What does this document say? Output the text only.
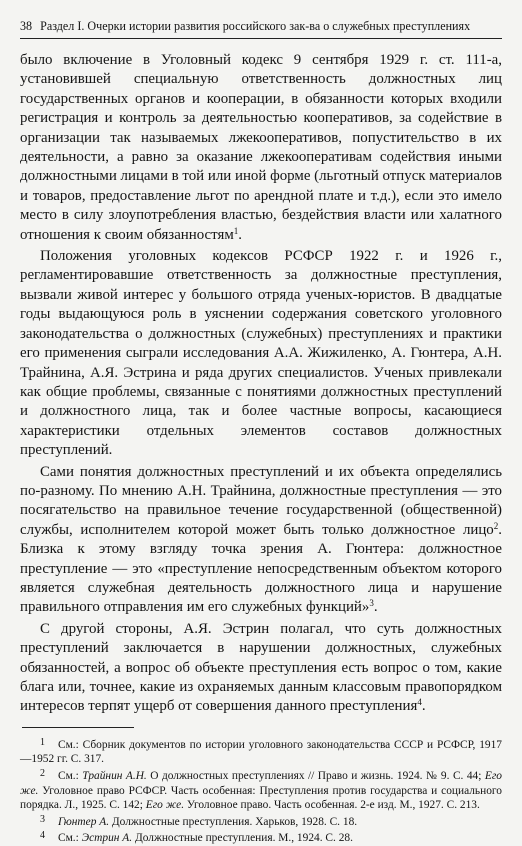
38 Раздел I. Очерки истории развития российского зак-ва о служебных преступлениях

было включение в Уголовный кодекс 9 сентября 1929 г. ст. 111-а, установившей специальную ответственность должностных лиц государственных органов и кооперации, в обязанности которых входили регистрация и контроль за деятельностью кооперативов, за содействие в организации так называемых лжекооперативов, попустительство в их деятельности, а равно за оказание лжекооперативам содействия иными должностными лицами в той или иной форме (льготный отпуск материалов и товаров, предоставление льгот по арендной плате и т.д.), если это имело место в силу злоупотребления властью, бездействия власти или халатного отношения к своим обязанностям$^1$.

Положения уголовных кодексов РСФСР 1922 г. и 1926 г., регламентировавшие ответственность за должностные преступления, вызвали живой интерес у большого отряда ученых-юристов. В двадцатые годы выдающуюся роль в уяснении содержания советского уголовного законодательства о должностных (служебных) преступлениях и практики его применения сыграли исследования А.А. Жижиленко, А. Гюнтера, А.Н. Трайнина, А.Я. Эстрина и ряда других специалистов. Ученых привлекали как общие проблемы, связанные с понятиями должностных преступлений и должностного лица, так и более частные вопросы, касающиеся характеристики отдельных элементов составов должностных преступлений.

Сами понятия должностных преступлений и их объекта определялись по-разному. По мнению А.Н. Трайнина, должностные преступления — это посягательство на правильное течение государственной (общественной) службы, исполнителем которой может быть только должностное лицо$^2$. Близка к этому взгляду точка зрения А. Гюнтера: должностное преступление — это «преступление непосредственным объектом которого является служебная деятельность должностного лица и нарушение правильного отправления им его служебных функций»$^3$.

С другой стороны, А.Я. Эстрин полагал, что суть должностных преступлений заключается в нарушении должностных, служебных обязанностей, а вопрос об объекте преступления есть вопрос о том, какие блага или, точнее, какие из охраняемых данным классовым правопорядком интересов терпят ущерб от совершения данного преступления$^4$.

1 См.: Сборник документов по истории уголовного законодательства СССР и РСФСР, 1917—1952 гг. С. 317.

2 См.: Трайнин А.Н. О должностных преступлениях // Право и жизнь. 1924. № 9. С. 44; Его же. Уголовное право РСФСР. Часть особенная: Преступления против государства и социального порядка. Л., 1925. С. 142; Его же. Уголовное право. Часть особенная. 2-е изд. М., 1927. С. 213.

3 Гюнтер А. Должностные преступления. Харьков, 1928. С. 18.

4 См.: Эстрин А. Должностные преступления. М., 1924. С. 28.
